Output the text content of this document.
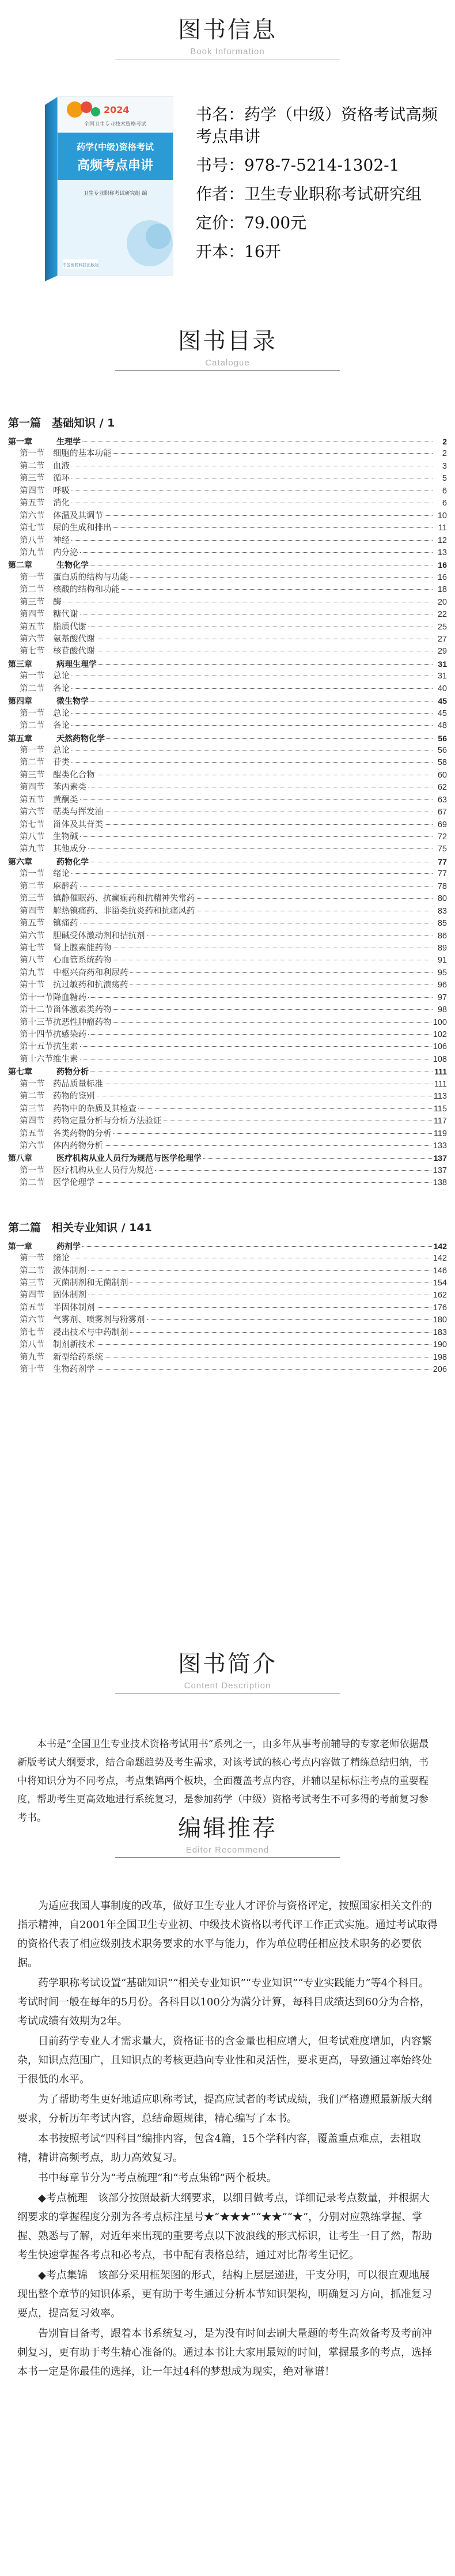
图书信息
Book Information
2024
全国卫生专业技术资格考试
药学(中级)资格考试
高频考点串讲
卫生专业职称考试研究组 编
中国医药科技出版社
书名：药学（中级）资格考试高频考点串讲
书号：978-7-5214-1302-1
作者：卫生专业职称考试研究组
定价：79.00元
开本：16开
图书目录
Catalogue
第一篇　基础知识 / 1
第一章	生理学	2
第一节	细胞的基本功能	2
第二节	血液	3
第三节	循环	5
第四节	呼吸	6
第五节	消化	6
第六节	体温及其调节	10
第七节	尿的生成和排出	11
第八节	神经	12
第九节	内分泌	13
第二章	生物化学	16
第一节	蛋白质的结构与功能	16
第二节	核酸的结构和功能	18
第三节	酶	20
第四节	糖代谢	22
第五节	脂质代谢	25
第六节	氨基酸代谢	27
第七节	核苷酸代谢	29
第三章	病理生理学	31
第一节	总论	31
第二节	各论	40
第四章	微生物学	45
第一节	总论	45
第二节	各论	48
第五章	天然药物化学	56
第一节	总论	56
第二节	苷类	58
第三节	醌类化合物	60
第四节	苯丙素类	62
第五节	黄酮类	63
第六节	萜类与挥发油	67
第七节	甾体及其苷类	69
第八节	生物碱	72
第九节	其他成分	75
第六章	药物化学	77
第一节	绪论	77
第二节	麻醉药	78
第三节	镇静催眠药、抗癫痫药和抗精神失常药	80
第四节	解热镇痛药、非甾类抗炎药和抗痛风药	83
第五节	镇痛药	85
第六节	胆碱受体激动剂和拮抗剂	86
第七节	肾上腺素能药物	89
第八节	心血管系统药物	91
第九节	中枢兴奋药和利尿药	95
第十节	抗过敏药和抗溃疡药	96
第十一节 降血糖药	97
第十二节 甾体激素类药物	98
第十三节 抗恶性肿瘤药物	100
第十四节 抗感染药	102
第十五节 抗生素	106
第十六节 维生素	108
第七章	药物分析	111
第一节	药品质量标准	111
第二节	药物的鉴别	113
第三节	药物中的杂质及其检查	115
第四节	药物定量分析与分析方法验证	117
第五节	各类药物的分析	119
第六节	体内药物分析	133
第八章	医疗机构从业人员行为规范与医学伦理学	137
第一节	医疗机构从业人员行为规范	137
第二节	医学伦理学	138
第二篇　相关专业知识 / 141
第一章	药剂学	142
第一节	绪论	142
第二节	液体制剂	146
第三节	灭菌制剂和无菌制剂	154
第四节	固体制剂	162
第五节	半固体制剂	176
第六节	气雾剂、喷雾剂与粉雾剂	180
第七节	浸出技术与中药制剂	183
第八节	制剂新技术	190
第九节	新型给药系统	198
第十节	生物药剂学	206
图书简介
Content Description
本书是“全国卫生专业技术资格考试用书”系列之一，由多年从事考前辅导的专家老师依据最新版考试大纲要求，结合命题趋势及考生需求，对该考试的核心考点内容做了精练总结归纳，书中将知识分为不同考点，考点集锦两个板块，全面覆盖考点内容，并辅以星标标注考点的重要程度，帮助考生更高效地进行系统复习，是参加药学（中级）资格考试考生不可多得的考前复习参考书。	编辑推荐
Editor Recommend

为适应我国人事制度的改革，做好卫生专业人才评价与资格评定，按照国家相关文件的指示精神，自2001年全国卫生专业初、中级技术资格以考代评工作正式实施。通过考试取得的资格代表了相应级别技术职务要求的水平与能力，作为单位聘任相应技术职务的必要依据。

药学职称考试设置“基础知识”“相关专业知识”“专业知识”“专业实践能力”等4个科目。考试时间一般在每年的5月份。各科目以100分为满分计算，每科目成绩达到60分为合格，考试成绩有效期为2年。

目前药学专业人才需求量大，资格证书的含金量也相应增大，但考试难度增加，内容繁杂，知识点范围广，且知识点的考核更趋向专业性和灵活性，要求更高，导致通过率始终处于很低的水平。

为了帮助考生更好地适应职称考试，提高应试者的考试成绩，我们严格遵照最新版大纲要求，分析历年考试内容，总结命题规律，精心编写了本书。

本书按照考试“四科目”编排内容，包含4篇，15个学科内容，覆盖重点难点，去粗取精，精讲高频考点，助力高效复习。

书中每章节分为“考点梳理”和“考点集锦”两个板块。

◆考点梳理　该部分按照最新大纲要求，以细目做考点，详细记录考点数量，并根据大纲要求的掌握程度分别为各考点标注星号★“★★★”“★★”“★”，分别对应熟练掌握、掌握、熟悉与了解，对近年来出现的重要考点以下波浪线的形式标识，让考生一目了然，帮助考生快速掌握各考点和必考点，书中配有表格总结，通过对比帮考生记忆。

◆考点集锦　该部分采用框架图的形式，结构上层层递进，干支分明，可以很直观地展现出整个章节的知识体系，更有助于考生通过分析本节知识架构，明确复习方向，抓准复习要点，提高复习效率。

告别盲目备考，跟着本书系统复习，是为没有时间去刷大量题的考生高效备考及考前冲刺复习，更有助于考生精心准备的。通过本书让大家用最短的时间，掌握最多的考点，选择本书一定是你最佳的选择，让一年过4科的梦想成为现实，绝对靠谱！
